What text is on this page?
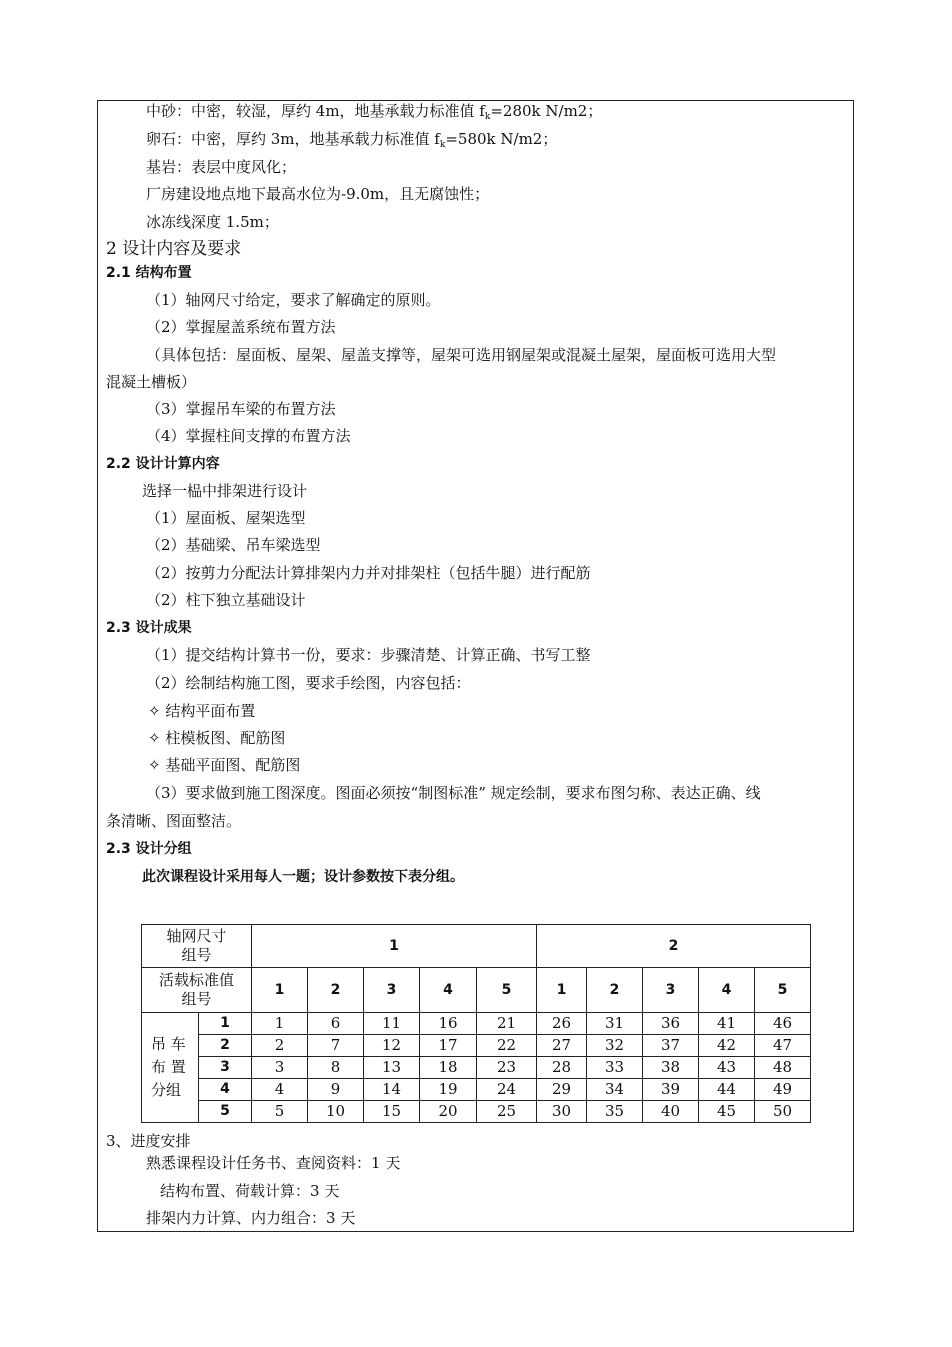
中砂：中密，较湿，厚约 4m，地基承载力标准值 $f_k=280k$ N/m2；
卵石：中密，厚约 3m，地基承载力标准值 $f_k=580k$ N/m2；
基岩：表层中度风化；
厂房建设地点地下最高水位为-9.0m，且无腐蚀性；
冰冻线深度 1.5m；
2 设计内容及要求
2.1 结构布置
（1）轴网尺寸给定，要求了解确定的原则。
（2）掌握屋盖系统布置方法
（具体包括：屋面板、屋架、屋盖支撑等，屋架可选用钢屋架或混凝土屋架，屋面板可选用大型
混凝土槽板）
（3）掌握吊车梁的布置方法
（4）掌握柱间支撑的布置方法
2.2 设计计算内容
选择一榀中排架进行设计
（1）屋面板、屋架选型
（2）基础梁、吊车梁选型
（2）按剪力分配法计算排架内力并对排架柱（包括牛腿）进行配筋
（2）柱下独立基础设计
2.3 设计成果
（1）提交结构计算书一份，要求：步骤清楚、计算正确、书写工整
（2）绘制结构施工图，要求手绘图，内容包括：
✧ 结构平面布置
✧ 柱模板图、配筋图
✧ 基础平面图、配筋图
（3）要求做到施工图深度。图面必须按“制图标准” 规定绘制，要求布图匀称、表达正确、线
条清晰、图面整洁。
2.3 设计分组
此次课程设计采用每人一题；设计参数按下表分组。
轴网尺寸
组号		1					2				

活载标准值
组号		1	2	3	4	5	1	2	3	4	5

吊 车
布 置
分组	1	1	6	11	16	21	26	31	36	41	46
	2	2	7	12	17	22	27	32	37	42	47
	3	3	8	13	18	23	28	33	38	43	48
	4	4	9	14	19	24	29	34	39	44	49
	5	5	10	15	20	25	30	35	40	45	50
3、进度安排
熟悉课程设计任务书、查阅资料：1 天
结构布置、荷载计算：3 天
排架内力计算、内力组合：3 天
